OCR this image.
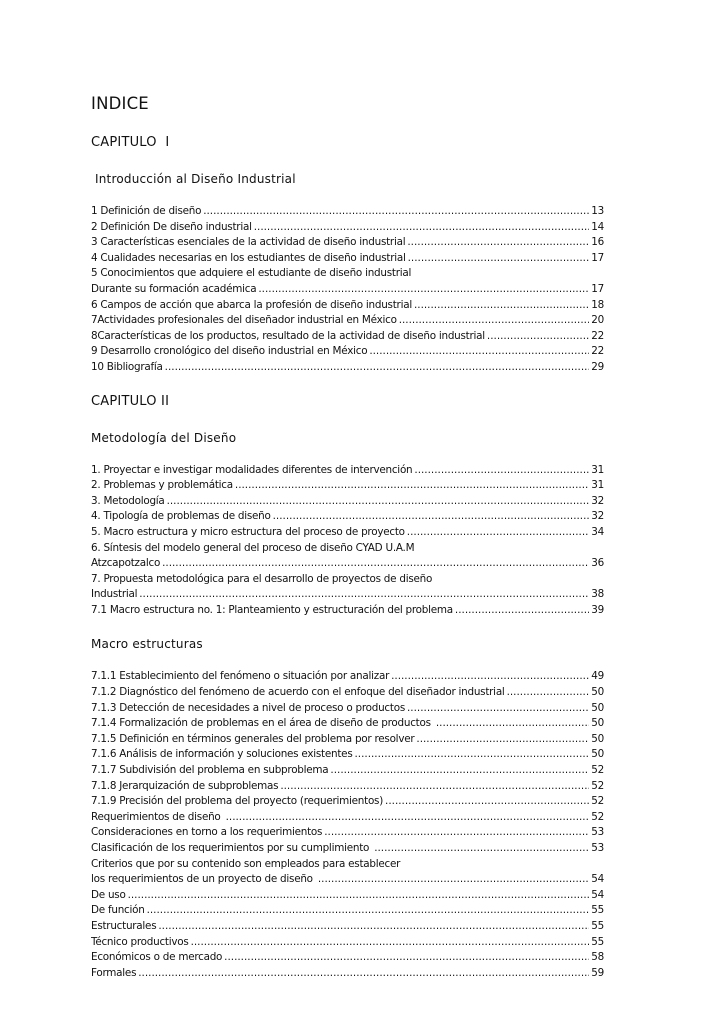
INDICE
CAPITULO  I
Introducción al Diseño Industrial
1 Definición de diseño .....	13
2 Definición De diseño industrial .....	14
3 Características esenciales de la actividad de diseño industrial .....	16
4 Cualidades necesarias en los estudiantes de diseño industrial .....	17
5 Conocimientos que adquiere el estudiante de diseño industrial
Durante su formación académica .....	17
6 Campos de acción que abarca la profesión de diseño industrial .....	18
7Actividades profesionales del diseñador industrial en México .....	20
8Características de los productos, resultado de la actividad de diseño industrial .....	22
9 Desarrollo cronológico del diseño industrial en México .....	22
10 Bibliografía .....	29
CAPITULO II
Metodología del Diseño
1. Proyectar e investigar modalidades diferentes de intervención .....	31
2. Problemas y problemática .....	31
3. Metodología .....	32
4. Tipología de problemas de diseño .....	32
5. Macro estructura y micro estructura del proceso de proyecto .....	34
6. Síntesis del modelo general del proceso de diseño CYAD U.A.M
Atzcapotzalco .....	36
7. Propuesta metodológica para el desarrollo de proyectos de diseño
Industrial .....	38
7.1 Macro estructura no. 1: Planteamiento y estructuración del problema .....	39
Macro estructuras
7.1.1 Establecimiento del fenómeno o situación por analizar .....	49
7.1.2 Diagnóstico del fenómeno de acuerdo con el enfoque del diseñador industrial .....	50
7.1.3 Detección de necesidades a nivel de proceso o productos .....	50
7.1.4 Formalización de problemas en el área de diseño de productos .....	50
7.1.5 Definición en términos generales del problema por resolver .....	50
7.1.6 Análisis de información y soluciones existentes .....	50
7.1.7 Subdivisión del problema en subproblema .....	52
7.1.8 Jerarquización de subproblemas .....	52
7.1.9 Precisión del problema del proyecto (requerimientos) .....	52
Requerimientos de diseño .....	52
Consideraciones en torno a los requerimientos .....	53
Clasificación de los requerimientos por su cumplimiento .....	53
Criterios que por su contenido son empleados para establecer
los requerimientos de un proyecto de diseño .....	54
De uso .....	54
De función .....	55
Estructurales .....	55
Técnico productivos .....	55
Económicos o de mercado .....	58
Formales .....	59
